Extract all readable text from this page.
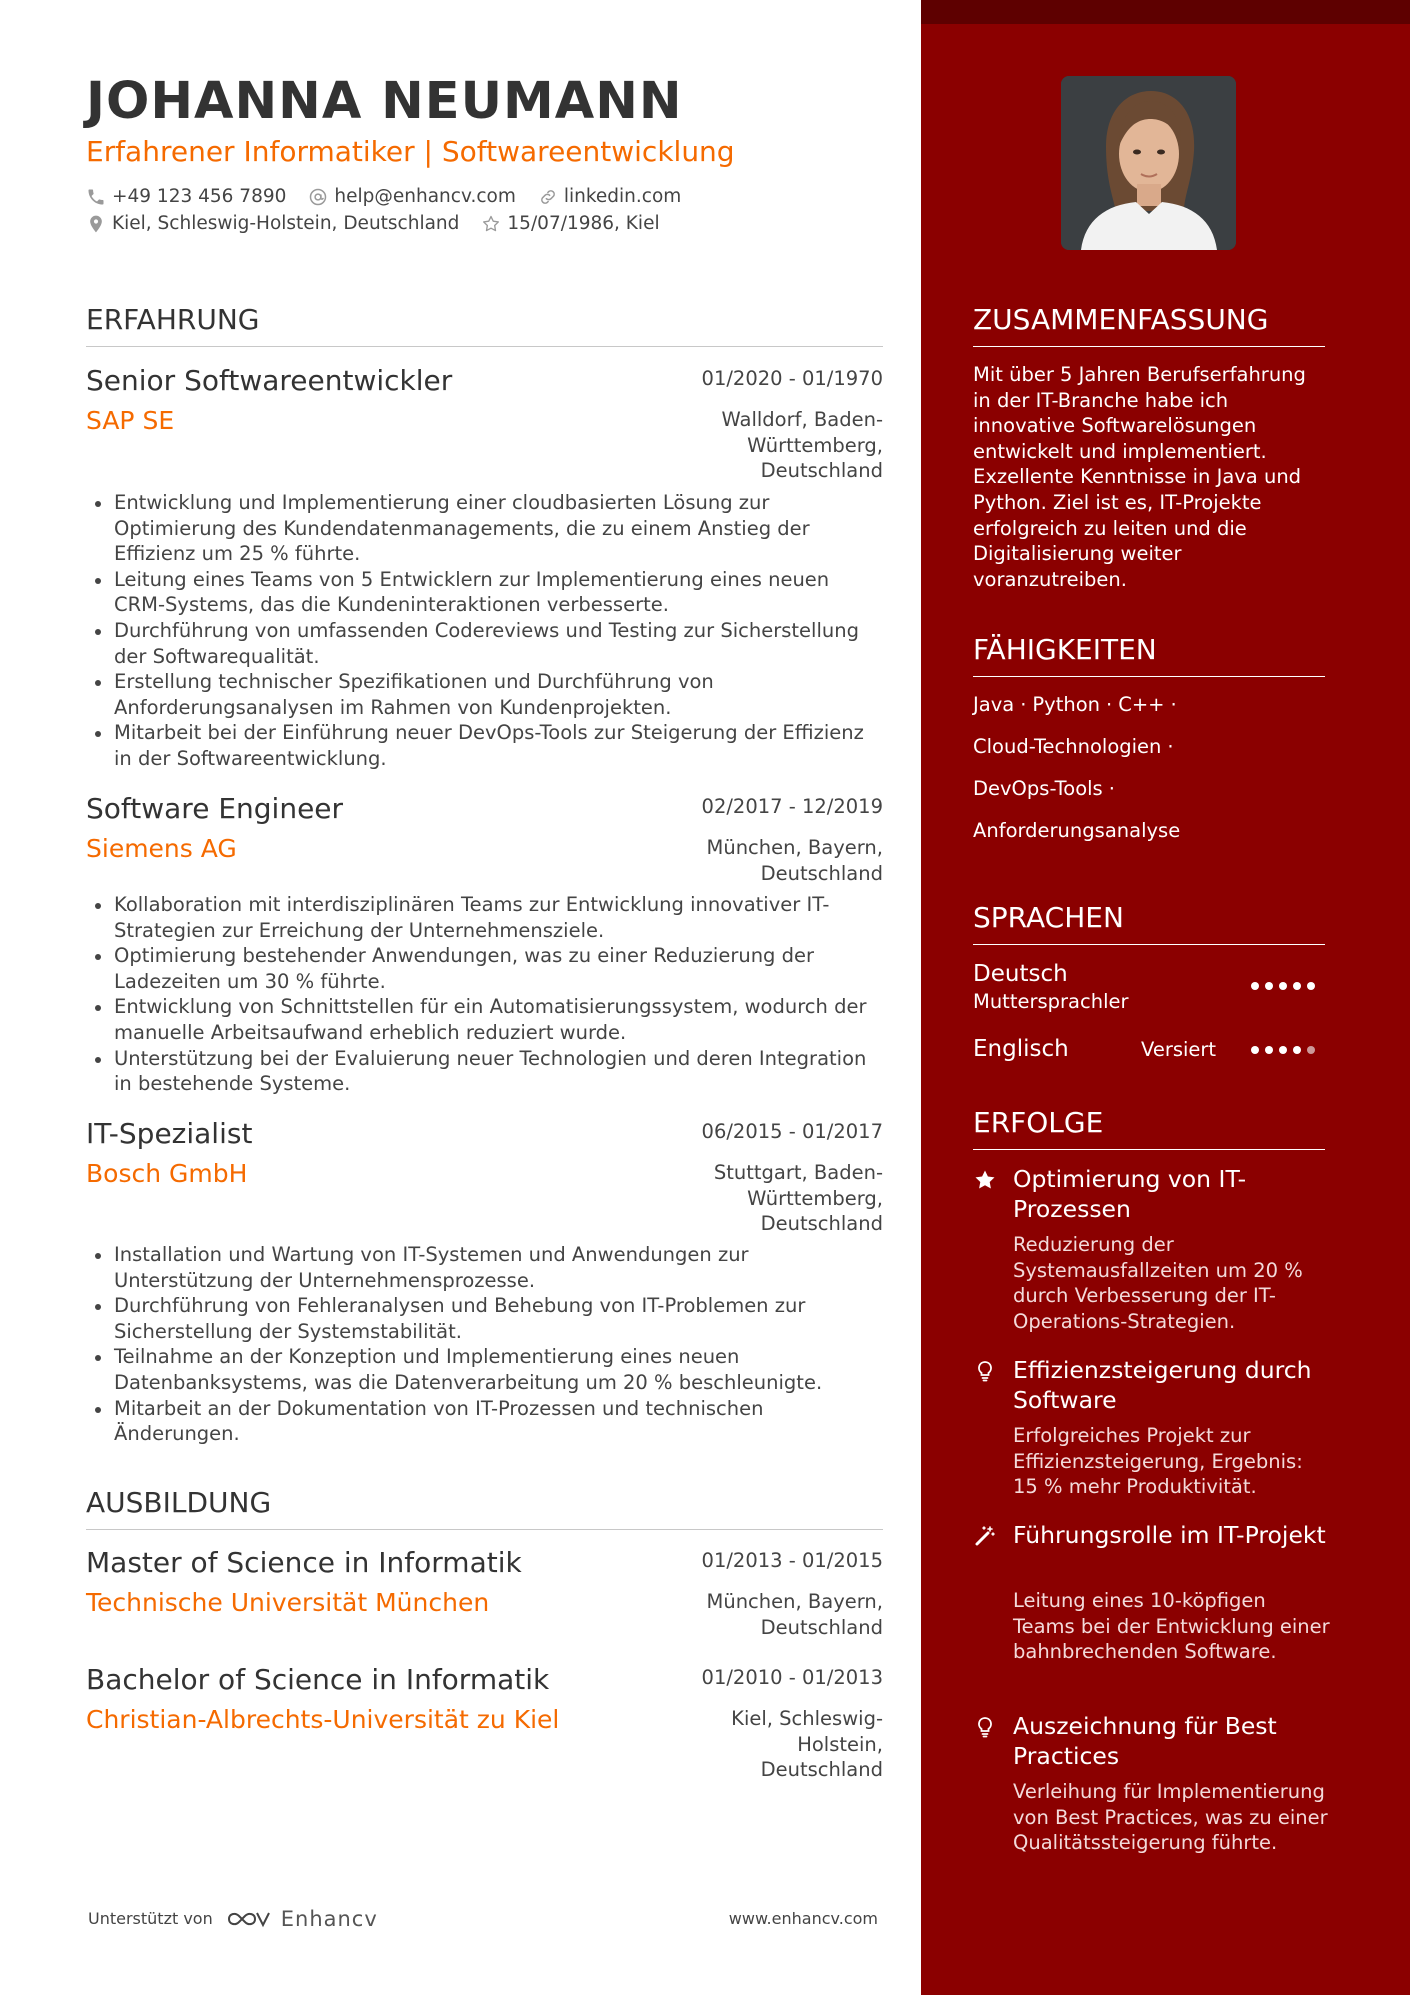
JOHANNA NEUMANN
Erfahrener Informatiker | Softwareentwicklung
+49 123 456 7890	help@enhancv.com	linkedin.com
Kiel, Schleswig-Holstein, Deutschland	15/07/1986, Kiel
ERFAHRUNG
Senior Softwareentwickler	01/2020 - 01/1970
SAP SE	Walldorf, Baden-Württemberg, Deutschland
Entwicklung und Implementierung einer cloudbasierten Lösung zur Optimierung des Kundendatenmanagements, die zu einem Anstieg der Effizienz um 25 % führte.
Leitung eines Teams von 5 Entwicklern zur Implementierung eines neuen CRM-Systems, das die Kundeninteraktionen verbesserte.
Durchführung von umfassenden Codereviews und Testing zur Sicherstellung der Softwarequalität.
Erstellung technischer Spezifikationen und Durchführung von Anforderungsanalysen im Rahmen von Kundenprojekten.
Mitarbeit bei der Einführung neuer DevOps-Tools zur Steigerung der Effizienz in der Softwareentwicklung.
Software Engineer	02/2017 - 12/2019
Siemens AG	München, Bayern, Deutschland
Kollaboration mit interdisziplinären Teams zur Entwicklung innovativer IT-Strategien zur Erreichung der Unternehmensziele.
Optimierung bestehender Anwendungen, was zu einer Reduzierung der Ladezeiten um 30 % führte.
Entwicklung von Schnittstellen für ein Automatisierungssystem, wodurch der manuelle Arbeitsaufwand erheblich reduziert wurde.
Unterstützung bei der Evaluierung neuer Technologien und deren Integration in bestehende Systeme.
IT-Spezialist	06/2015 - 01/2017
Bosch GmbH	Stuttgart, Baden-Württemberg, Deutschland
Installation und Wartung von IT-Systemen und Anwendungen zur Unterstützung der Unternehmensprozesse.
Durchführung von Fehleranalysen und Behebung von IT-Problemen zur Sicherstellung der Systemstabilität.
Teilnahme an der Konzeption und Implementierung eines neuen Datenbanksystems, was die Datenverarbeitung um 20 % beschleunigte.
Mitarbeit an der Dokumentation von IT-Prozessen und technischen Änderungen.
AUSBILDUNG
Master of Science in Informatik	01/2013 - 01/2015
Technische Universität München	München, Bayern, Deutschland
Bachelor of Science in Informatik	01/2010 - 01/2013
Christian-Albrechts-Universität zu Kiel	Kiel, Schleswig-Holstein, Deutschland
Unterstützt von	Enhancv	www.enhancv.com
ZUSAMMENFASSUNG
Mit über 5 Jahren Berufserfahrung in der IT-Branche habe ich innovative Softwarelösungen entwickelt und implementiert. Exzellente Kenntnisse in Java und Python. Ziel ist es, IT-Projekte erfolgreich zu leiten und die Digitalisierung weiter voranzutreiben.
FÄHIGKEITEN
Java · Python · C++ ·
Cloud-Technologien ·
DevOps-Tools ·
Anforderungsanalyse
SPRACHEN
Deutsch
Muttersprachler
Englisch	Versiert
ERFOLGE
Optimierung von IT-Prozessen
Reduzierung der Systemausfallzeiten um 20 % durch Verbesserung der IT-Operations-Strategien.
Effizienzsteigerung durch Software
Erfolgreiches Projekt zur Effizienzsteigerung, Ergebnis: 15 % mehr Produktivität.
Führungsrolle im IT-Projekt
Leitung eines 10-köpfigen Teams bei der Entwicklung einer bahnbrechenden Software.
Auszeichnung für Best Practices
Verleihung für Implementierung von Best Practices, was zu einer Qualitätssteigerung führte.
